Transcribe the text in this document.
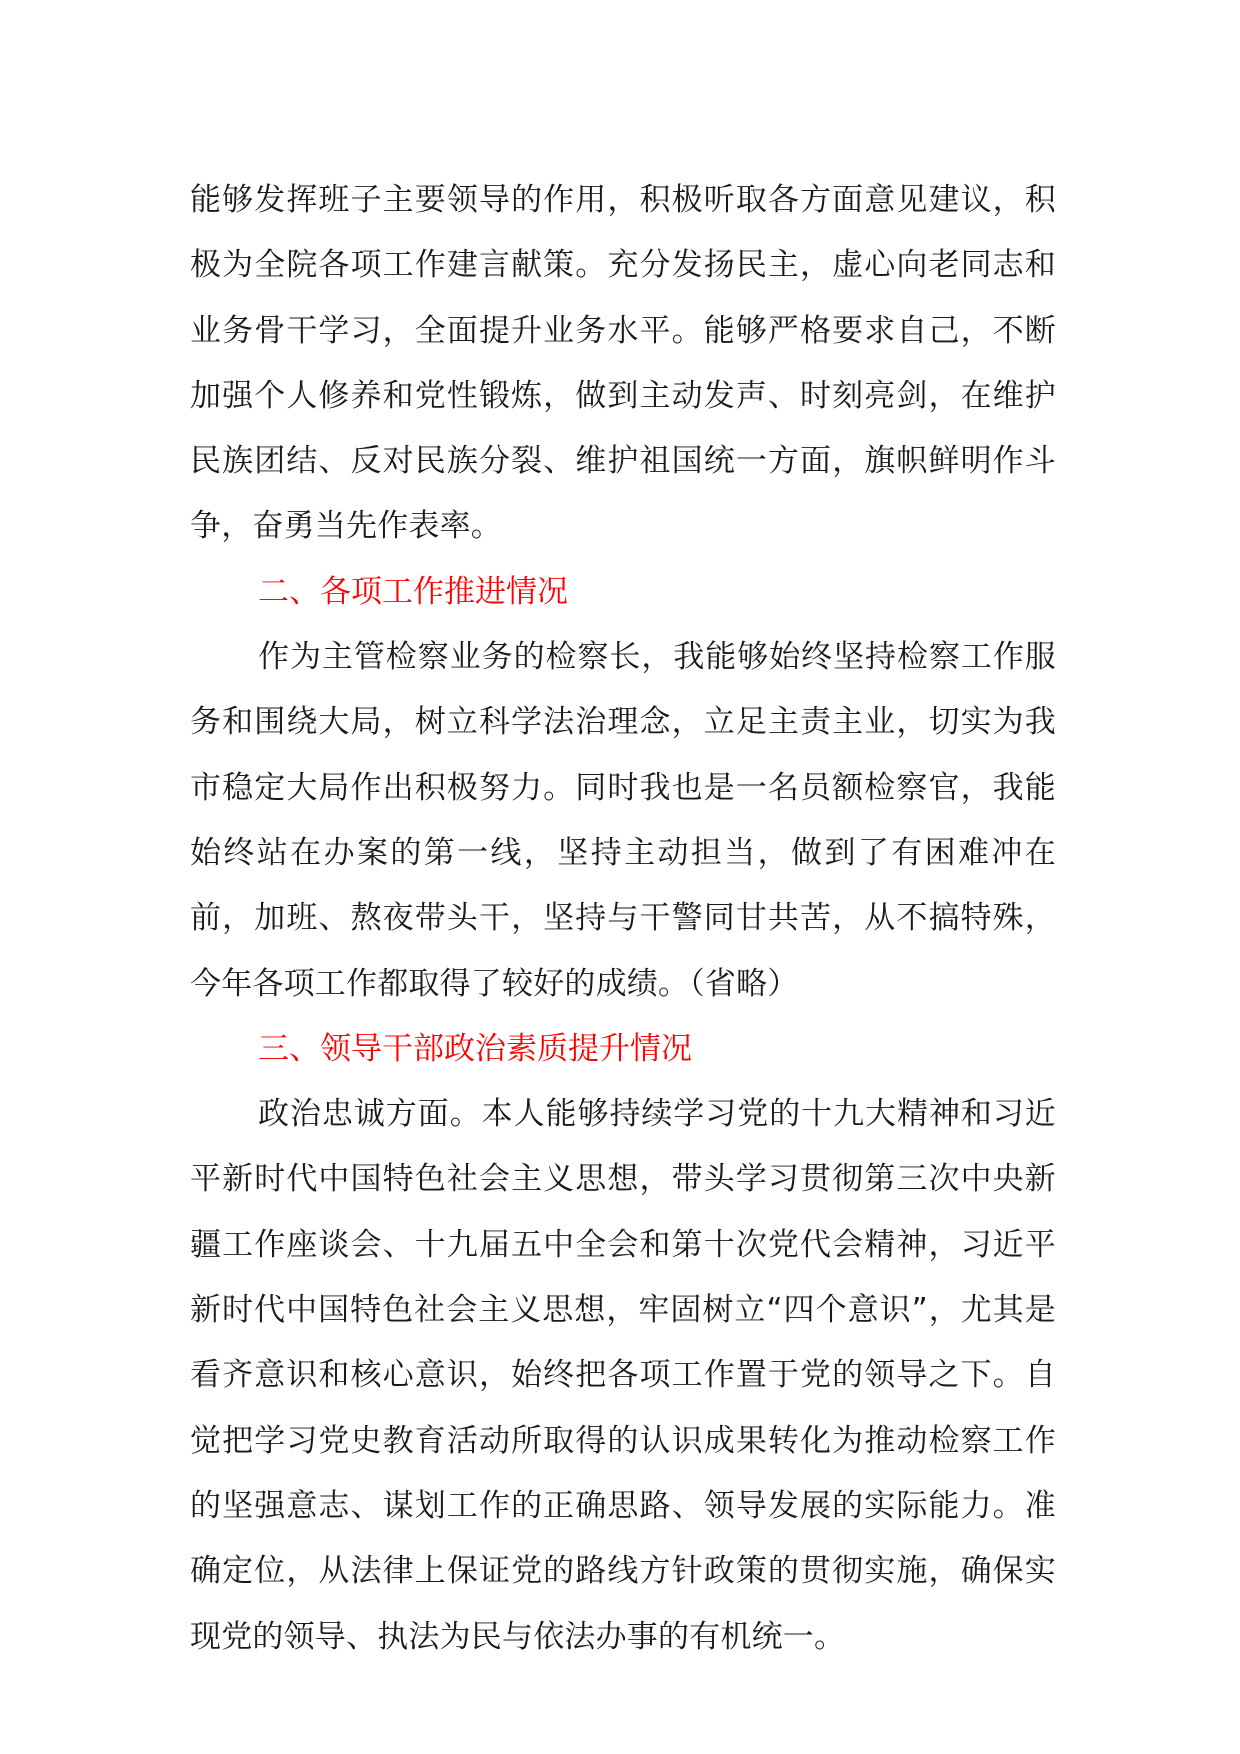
能够发挥班子主要领导的作用，积极听取各方面意见建议，积极为全院各项工作建言献策。充分发扬民主，虚心向老同志和业务骨干学习，全面提升业务水平。能够严格要求自己，不断加强个人修养和党性锻炼，做到主动发声、时刻亮剑，在维护民族团结、反对民族分裂、维护祖国统一方面，旗帜鲜明作斗争，奋勇当先作表率。

二、各项工作推进情况

作为主管检察业务的检察长，我能够始终坚持检察工作服务和围绕大局，树立科学法治理念，立足主责主业，切实为我市稳定大局作出积极努力。同时我也是一名员额检察官，我能始终站在办案的第一线，坚持主动担当，做到了有困难冲在前，加班、熬夜带头干，坚持与干警同甘共苦，从不搞特殊，今年各项工作都取得了较好的成绩。（省略）

三、领导干部政治素质提升情况

政治忠诚方面。本人能够持续学习党的十九大精神和习近平新时代中国特色社会主义思想，带头学习贯彻第三次中央新疆工作座谈会、十九届五中全会和第十次党代会精神，习近平新时代中国特色社会主义思想，牢固树立“四个意识”，尤其是看齐意识和核心意识，始终把各项工作置于党的领导之下。自觉把学习党史教育活动所取得的认识成果转化为推动检察工作的坚强意志、谋划工作的正确思路、领导发展的实际能力。准确定位，从法律上保证党的路线方针政策的贯彻实施，确保实现党的领导、执法为民与依法办事的有机统一。
